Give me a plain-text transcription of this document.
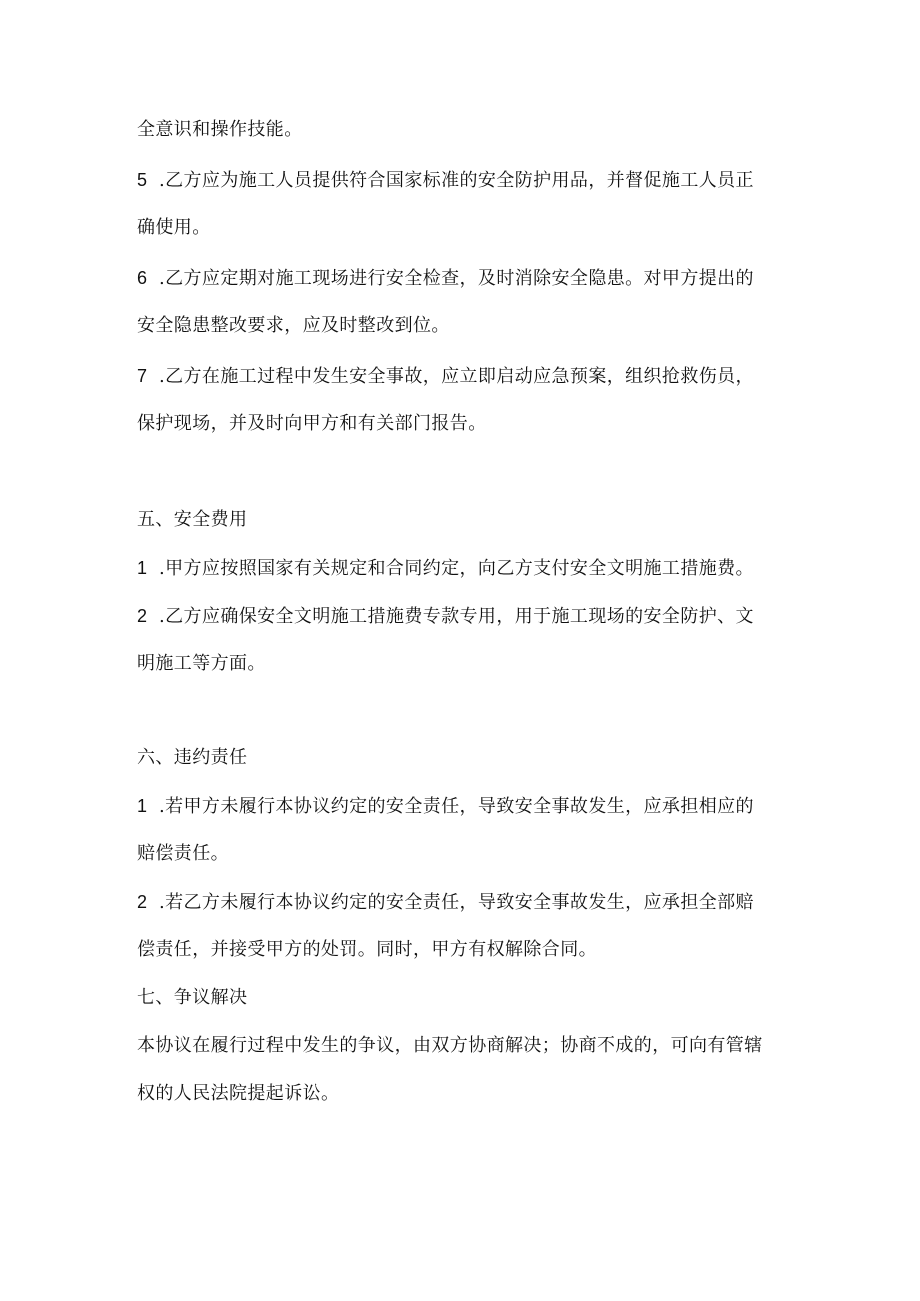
全意识和操作技能。
5 .乙方应为施工人员提供符合国家标准的安全防护用品，并督促施工人员正
确使用。
6 .乙方应定期对施工现场进行安全检查，及时消除安全隐患。对甲方提出的
安全隐患整改要求，应及时整改到位。
7 .乙方在施工过程中发生安全事故，应立即启动应急预案，组织抢救伤员，
保护现场，并及时向甲方和有关部门报告。
五、安全费用
1 .甲方应按照国家有关规定和合同约定，向乙方支付安全文明施工措施费。
2 .乙方应确保安全文明施工措施费专款专用，用于施工现场的安全防护、文
明施工等方面。
六、违约责任
1 .若甲方未履行本协议约定的安全责任，导致安全事故发生，应承担相应的
赔偿责任。
2 .若乙方未履行本协议约定的安全责任，导致安全事故发生，应承担全部赔
偿责任，并接受甲方的处罚。同时，甲方有权解除合同。
七、争议解决
本协议在履行过程中发生的争议，由双方协商解决；协商不成的，可向有管辖
权的人民法院提起诉讼。
